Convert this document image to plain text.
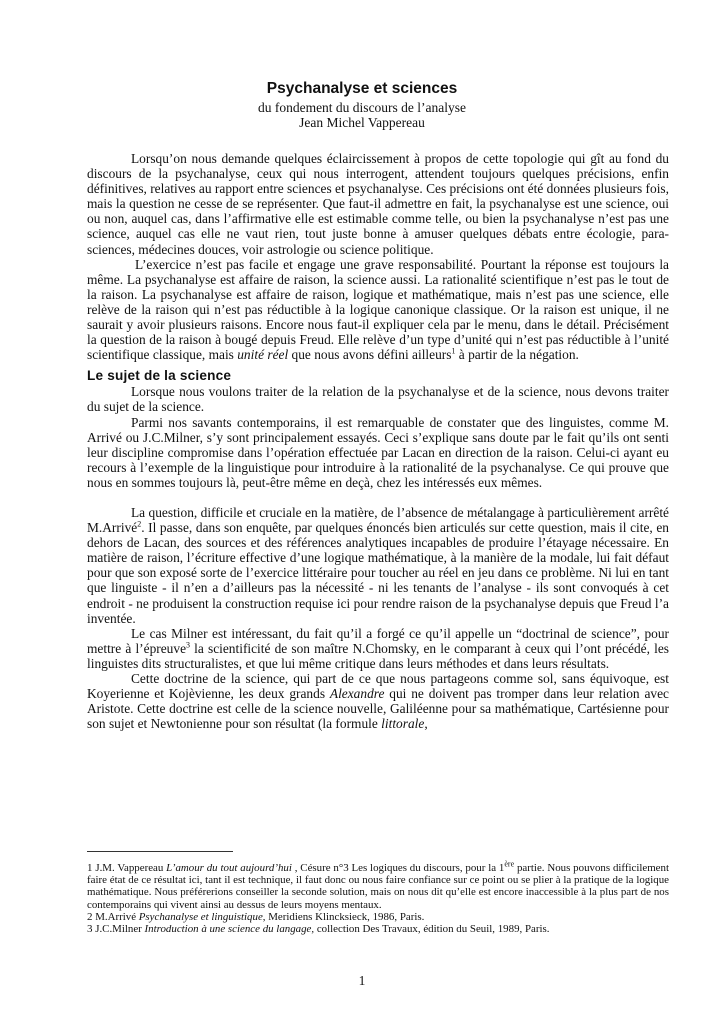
Psychanalyse et sciences
du fondement du discours de l’analyse
Jean Michel Vappereau

Lorsqu’on nous demande quelques éclaircissement à propos de cette topologie qui gît au fond du discours de la psychanalyse, ceux qui nous interrogent, attendent toujours quelques précisions, enfin définitives, relatives au rapport entre sciences et psychanalyse. Ces précisions ont été données plusieurs fois, mais la question ne cesse de se représenter. Que faut-il admettre en fait, la psychanalyse est une science, oui ou non, auquel cas, dans l’affirmative elle est estimable comme telle, ou bien la psychanalyse n’est pas une science, auquel cas elle ne vaut rien, tout juste bonne à amuser quelques débats entre écologie, para-sciences, médecines douces, voir astrologie ou science politique.

L’exercice n’est pas facile et engage une grave responsabilité. Pourtant la réponse est toujours la même. La psychanalyse est affaire de raison, la science aussi. La rationalité scientifique n’est pas le tout de la raison. La psychanalyse est affaire de raison, logique et mathématique, mais n’est pas une science, elle relève de la raison qui n’est pas réductible à la logique canonique classique. Or la raison est unique, il ne saurait y avoir plusieurs raisons. Encore nous faut-il expliquer cela par le menu, dans le détail. Précisément la question de la raison à bougé depuis Freud. Elle relève d’un type d’unité qui n’est pas réductible à l’unité scientifique classique, mais unité réel que nous avons défini ailleurs$^1$ à partir de la négation.

Le sujet de la science

Lorsque nous voulons traiter de la relation de la psychanalyse et de la science, nous devons traiter du sujet de la science.

Parmi nos savants contemporains, il est remarquable de constater que des linguistes, comme M. Arrivé ou J.C.Milner, s’y sont principalement essayés. Ceci s’explique sans doute par le fait qu’ils ont senti leur discipline compromise dans l’opération effectuée par Lacan en direction de la raison. Celui-ci ayant eu recours à l’exemple de la linguistique pour introduire à la rationalité de la psychanalyse. Ce qui prouve que nous en sommes toujours là, peut-être même en deçà, chez les intéressés eux mêmes.

La question, difficile et cruciale en la matière, de l’absence de métalangage à particulièrement arrêté M.Arrivé$^2$. Il passe, dans son enquête, par quelques énoncés bien articulés sur cette question, mais il cite, en dehors de Lacan, des sources et des références analytiques incapables de produire l’étayage nécessaire. En matière de raison, l’écriture effective d’une logique mathématique, à la manière de la modale, lui fait défaut pour que son exposé sorte de l’exercice littéraire pour toucher au réel en jeu dans ce problème. Ni lui en tant que linguiste - il n’en a d’ailleurs pas la nécessité - ni les tenants de l’analyse - ils sont convoqués à cet endroit - ne produisent la construction requise ici pour rendre raison de la psychanalyse depuis que Freud l’a inventée.

Le cas Milner est intéressant, du fait qu’il a forgé ce qu’il appelle un “doctrinal de science”, pour mettre à l’épreuve$^3$ la scientificité de son maître N.Chomsky, en le comparant à ceux qui l’ont précédé, les linguistes dits structuralistes, et que lui même critique dans leurs méthodes et dans leurs résultats.

Cette doctrine de la science, qui part de ce que nous partageons comme sol, sans équivoque, est Koyerienne et Kojèvienne, les deux grands Alexandre qui ne doivent pas tromper dans leur relation avec Aristote. Cette doctrine est celle de la science nouvelle, Galiléenne pour sa mathématique, Cartésienne pour son sujet et Newtonienne pour son résultat (la formule littorale,

1 J.M. Vappereau L’amour du tout aujourd’hui , Césure n°3 Les logiques du discours, pour la 1ère partie. Nous pouvons difficilement faire état de ce résultat ici, tant il est technique, il faut donc ou nous faire confiance sur ce point ou se plier à la pratique de la logique mathématique. Nous préférerions conseiller la seconde solution, mais on nous dit qu’elle est encore inaccessible à la plus part de nos contemporains qui vivent ainsi au dessus de leurs moyens mentaux.

2 M.Arrivé Psychanalyse et linguistique, Meridiens Klincksieck, 1986, Paris.

3 J.C.Milner Introduction à une science du langage, collection Des Travaux, édition du Seuil, 1989, Paris.

1
